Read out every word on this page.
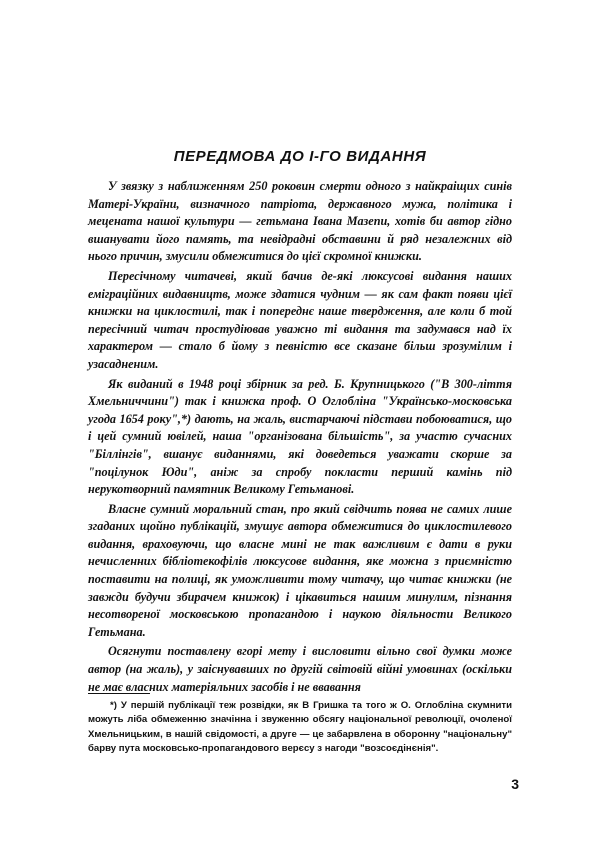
ПЕРЕДМОВА ДО І-ГО ВИДАННЯ

У звязку з наближенням 250 роковин смерти одного з найкраіщих синів Матері-України, визначного патріота, державного мужа, політика і мецената нашої культури — гетьмана Івана Мазепи, хотів би автор гідно вшанувати його память, та невідрадні обставини й ряд незалежних від нього причин, змусили обмежитися до цієї скромної книжки.

Пересічному читачеві, який бачив де-які люксусові видання наших еміграційних видавництв, може здатися чудним — як сам факт появи цієї книжки на циклостилі, так і попереднє наше твердження, але коли б той пересічний читач простудіював уважно ті видання та задумався над їх характером — стало б йому з певністю все сказане більш зрозумілим і узасадненим.

Як виданий в 1948 році збірник за ред. Б. Крупницького ("В 300-ліття Хмельниччини") так і книжка проф. О Оглобліна "Українсько-московська угода 1654 року",*) дають, на жаль, вистарчаючі підстави побоюватися, що і цей сумний ювілей, наша "організована більшість", за участю сучасних "Біллінгів", вшанує виданнями, які доведеться уважати скорше за "поцілунок Юди", аніж за спробу покласти перший камінь під нерукотворний памятник Великому Гетьманові.

Власне сумний моральний стан, про який свідчить поява не самих лише згаданих щойно публікацій, змушує автора обмежитися до циклостилевого видання, враховуючи, що власне мині не так важливим є дати в руки нечисленних бібліотекофілів люксусове видання, яке можна з приємністю поставити на полиці, як уможливити тому читачу, що читає книжки (не завжди будучи збирачем книжок) і цікавиться нашим минулим, пізнання несотвореної московською пропагандою і наукою діяльности Великого Гетьмана.

Осягнути поставлену вгорі мету і висловити вільно свої думки може автор (на жаль), у заіснувавших по другій світовій війні умовинах (оскільки не має власних матеріяльних засобів і не ввавання

*) У першій публікації теж розвідки, як В Гришка та того ж О. Оглобліна скумнити можуть ліба обмеженню значінна і звуженню обсягу національної революції, очоленої Хмельницьким, в нашій свідомості, а друге — це забарвлена в оборонну "національну" барву пута московсько-пропагандового верєсу з нагоди "возсоєдінєнія".
3
